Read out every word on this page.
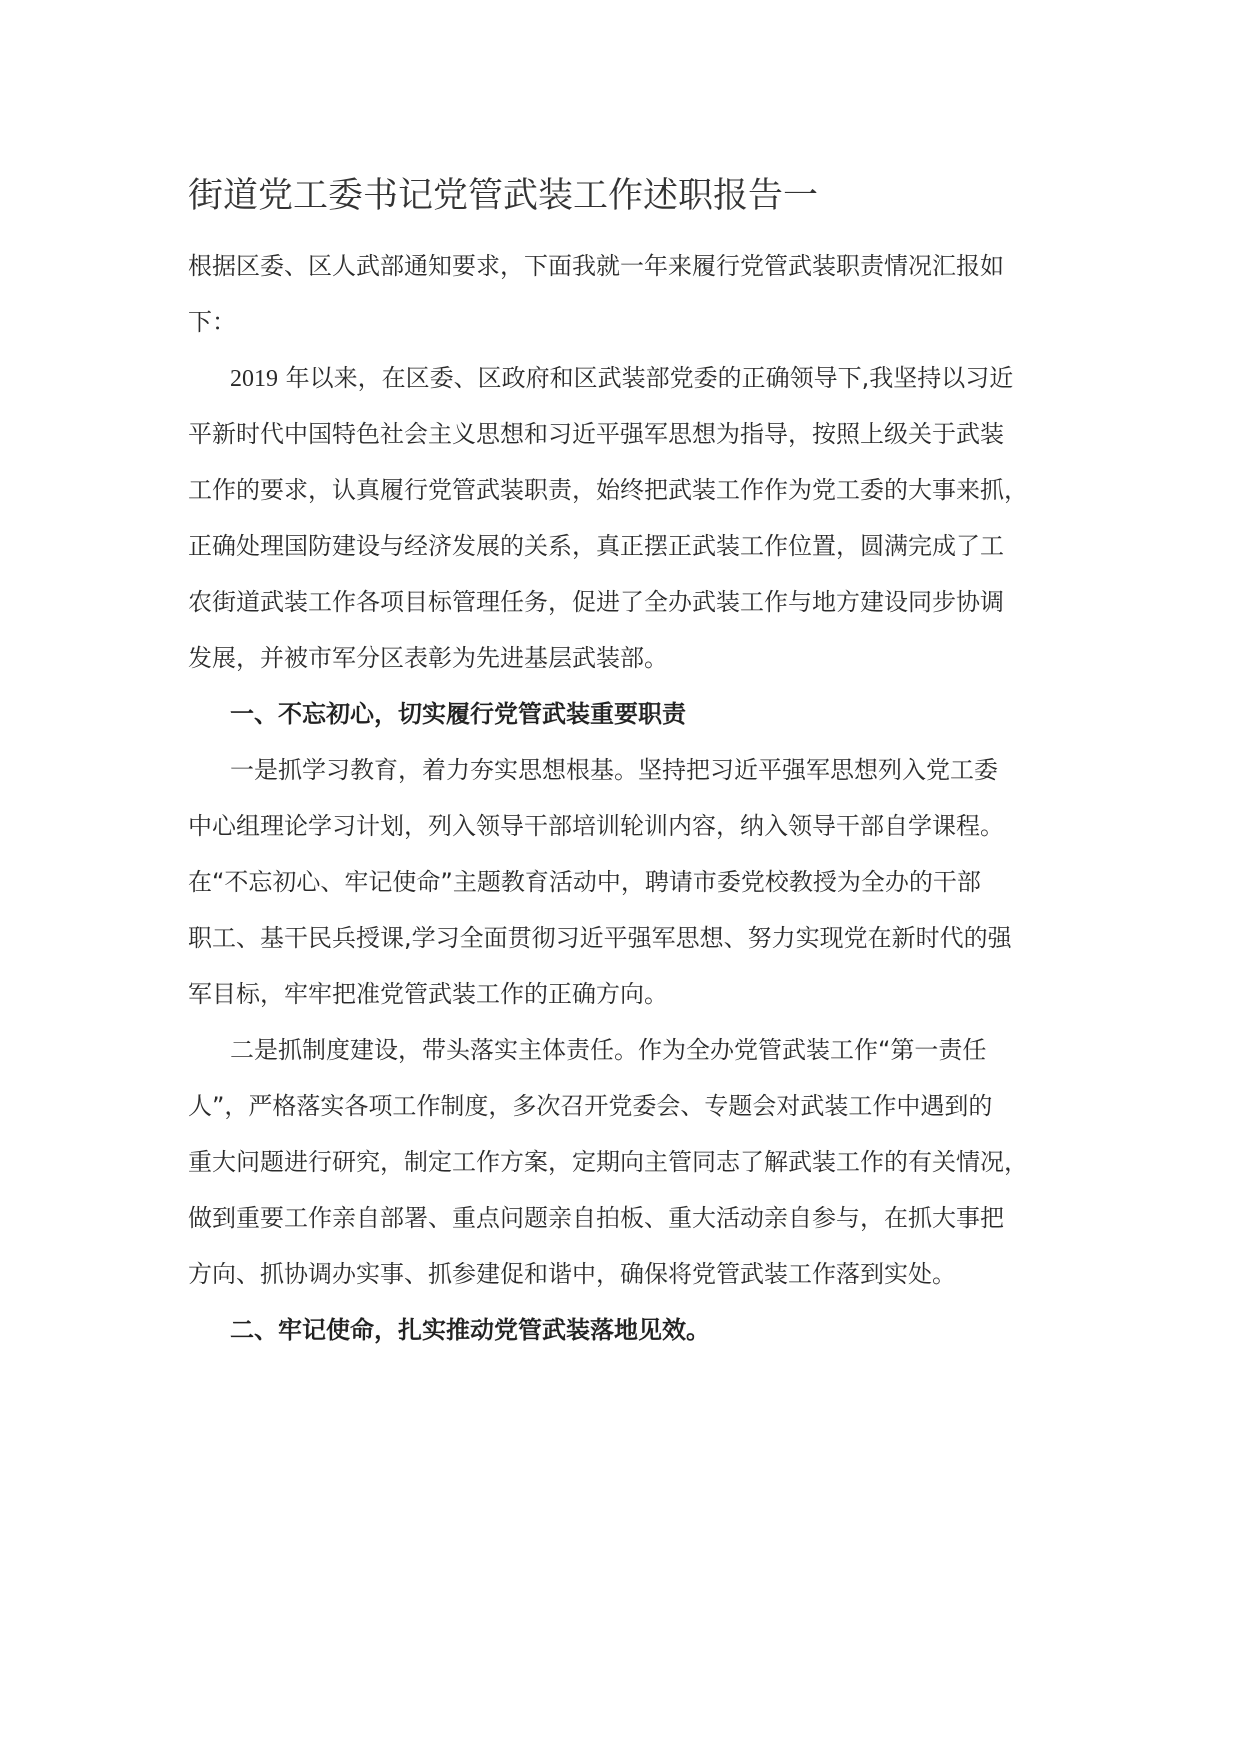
街道党工委书记党管武装工作述职报告一

根据区委、区人武部通知要求，下面我就一年来履行党管武装职责情况汇报如

下：

2019 年以来，在区委、区政府和区武装部党委的正确领导下,我坚持以习近

平新时代中国特色社会主义思想和习近平强军思想为指导，按照上级关于武装

工作的要求，认真履行党管武装职责，始终把武装工作作为党工委的大事来抓，

正确处理国防建设与经济发展的关系，真正摆正武装工作位置，圆满完成了工

农街道武装工作各项目标管理任务，促进了全办武装工作与地方建设同步协调

发展，并被市军分区表彰为先进基层武装部。

一、不忘初心，切实履行党管武装重要职责

一是抓学习教育，着力夯实思想根基。坚持把习近平强军思想列入党工委

中心组理论学习计划，列入领导干部培训轮训内容，纳入领导干部自学课程。

在“不忘初心、牢记使命”主题教育活动中，聘请市委党校教授为全办的干部

职工、基干民兵授课,学习全面贯彻习近平强军思想、努力实现党在新时代的强

军目标，牢牢把准党管武装工作的正确方向。

二是抓制度建设，带头落实主体责任。作为全办党管武装工作“第一责任

人”，严格落实各项工作制度，多次召开党委会、专题会对武装工作中遇到的

重大问题进行研究，制定工作方案，定期向主管同志了解武装工作的有关情况，

做到重要工作亲自部署、重点问题亲自拍板、重大活动亲自参与，在抓大事把

方向、抓协调办实事、抓参建促和谐中，确保将党管武装工作落到实处。

二、牢记使命，扎实推动党管武装落地见效。
